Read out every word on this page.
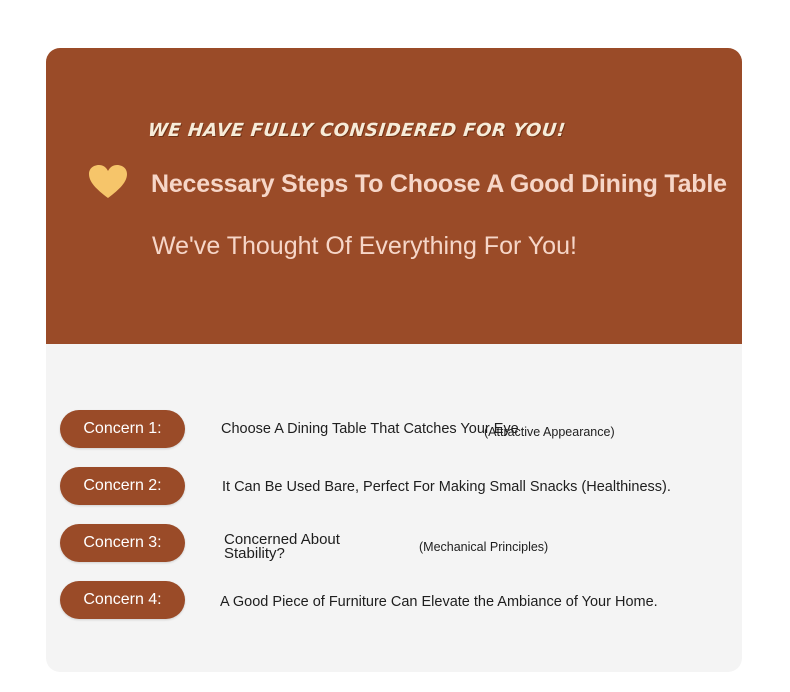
WE HAVE FULLY CONSIDERED FOR YOU!
Necessary Steps To Choose A Good Dining Table
We've Thought Of Everything For You!
Concern 1:	Choose A Dining Table That Catches Your Eye
(Attractive Appearance)
Concern 2:	It Can Be Used Bare, Perfect For Making Small Snacks (Healthiness).
Concern 3:	Concerned About
Stability?	(Mechanical Principles)
Concern 4:	A Good Piece of Furniture Can Elevate the Ambiance of Your Home.
